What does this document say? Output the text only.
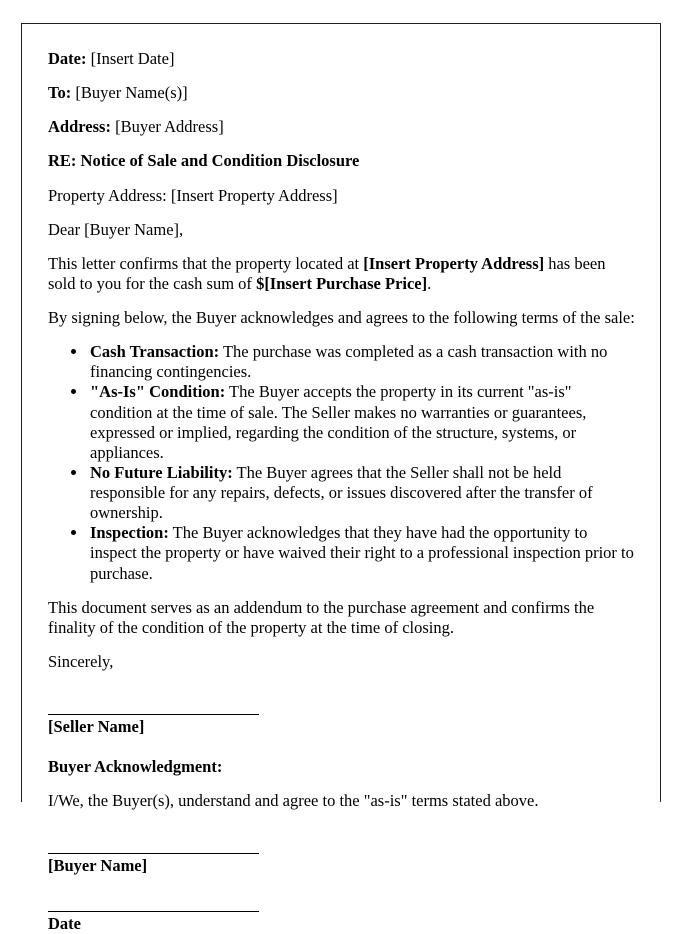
Date: [Insert Date]

To: [Buyer Name(s)]

Address: [Buyer Address]

RE: Notice of Sale and Condition Disclosure

Property Address: [Insert Property Address]

Dear [Buyer Name],

This letter confirms that the property located at [Insert Property Address] has been sold to you for the cash sum of $[Insert Purchase Price].

By signing below, the Buyer acknowledges and agrees to the following terms of the sale:

• Cash Transaction: The purchase was completed as a cash transaction with no financing contingencies.
• "As-Is" Condition: The Buyer accepts the property in its current "as-is" condition at the time of sale. The Seller makes no warranties or guarantees, expressed or implied, regarding the condition of the structure, systems, or appliances.
• No Future Liability: The Buyer agrees that the Seller shall not be held responsible for any repairs, defects, or issues discovered after the transfer of ownership.
• Inspection: The Buyer acknowledges that they have had the opportunity to inspect the property or have waived their right to a professional inspection prior to purchase.

This document serves as an addendum to the purchase agreement and confirms the finality of the condition of the property at the time of closing.

Sincerely,

[Seller Name]

Buyer Acknowledgment:

I/We, the Buyer(s), understand and agree to the "as-is" terms stated above.

[Buyer Name]

Date
